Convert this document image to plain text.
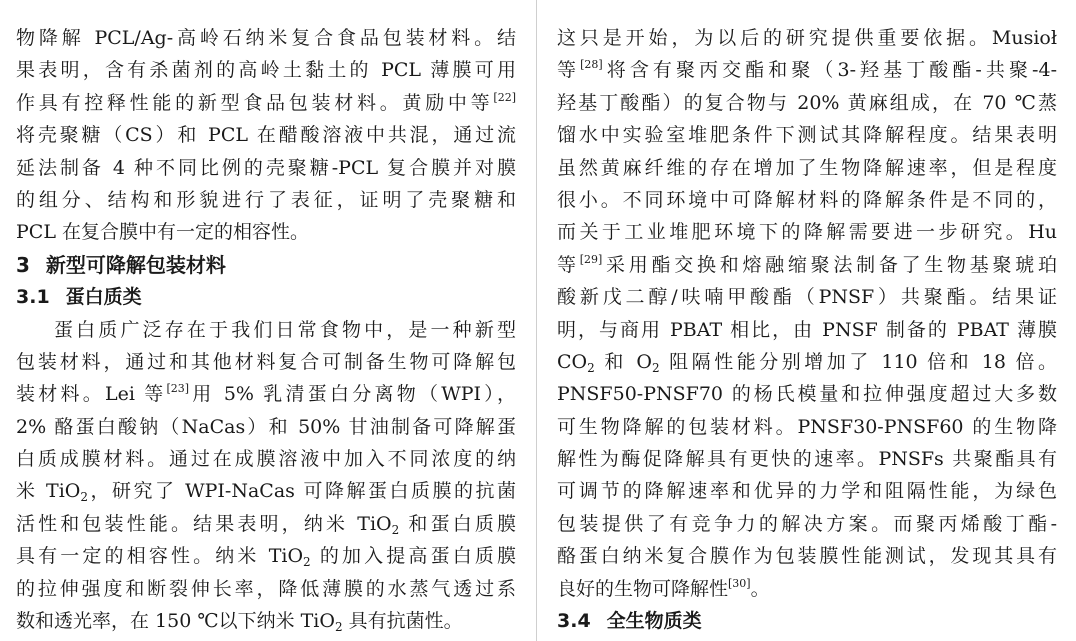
物降解 PCL/Ag-高岭石纳米复合食品包装材料。结
果表明，含有杀菌剂的高岭土黏土的 PCL 薄膜可用
作具有控释性能的新型食品包装材料。黄励中等[22]
将壳聚糖（CS）和 PCL 在醋酸溶液中共混，通过流
延法制备 4 种不同比例的壳聚糖-PCL 复合膜并对膜
的组分、结构和形貌进行了表征，证明了壳聚糖和
PCL 在复合膜中有一定的相容性。
3 新型可降解包装材料
3.1 蛋白质类
蛋白质广泛存在于我们日常食物中，是一种新型
包装材料，通过和其他材料复合可制备生物可降解包
装材料。Lei 等[23]用 5% 乳清蛋白分离物（WPI），
2% 酪蛋白酸钠（NaCas）和 50% 甘油制备可降解蛋
白质成膜材料。通过在成膜溶液中加入不同浓度的纳
米 TiO$_2$，研究了 WPI-NaCas 可降解蛋白质膜的抗菌
活性和包装性能。结果表明，纳米 TiO$_2$ 和蛋白质膜
具有一定的相容性。纳米 TiO$_2$ 的加入提高蛋白质膜
的拉伸强度和断裂伸长率，降低薄膜的水蒸气透过系
数和透光率，在 150 ℃以下纳米 TiO$_2$ 具有抗菌性。
这只是开始，为以后的研究提供重要依据。Musioł
等[28]将含有聚丙交酯和聚（3-羟基丁酸酯-共聚-4-
羟基丁酸酯）的复合物与 20% 黄麻组成，在 70 ℃蒸
馏水中实验室堆肥条件下测试其降解程度。结果表明
虽然黄麻纤维的存在增加了生物降解速率，但是程度
很小。不同环境中可降解材料的降解条件是不同的，
而关于工业堆肥环境下的降解需要进一步研究。Hu
等[29]采用酯交换和熔融缩聚法制备了生物基聚琥珀
酸新戊二醇/呋喃甲酸酯（PNSF）共聚酯。结果证
明，与商用 PBAT 相比，由 PNSF 制备的 PBAT 薄膜
$CO_2$ 和 $O_2$ 阻隔性能分别增加了 110 倍和 18 倍。
PNSF50-PNSF70 的杨氏模量和拉伸强度超过大多数
可生物降解的包装材料。PNSF30-PNSF60 的生物降
解性为酶促降解具有更快的速率。PNSFs 共聚酯具有
可调节的降解速率和优异的力学和阻隔性能，为绿色
包装提供了有竞争力的解决方案。而聚丙烯酸丁酯-
酪蛋白纳米复合膜作为包装膜性能测试，发现其具有
良好的生物可降解性[30]。
3.4 全生物质类
